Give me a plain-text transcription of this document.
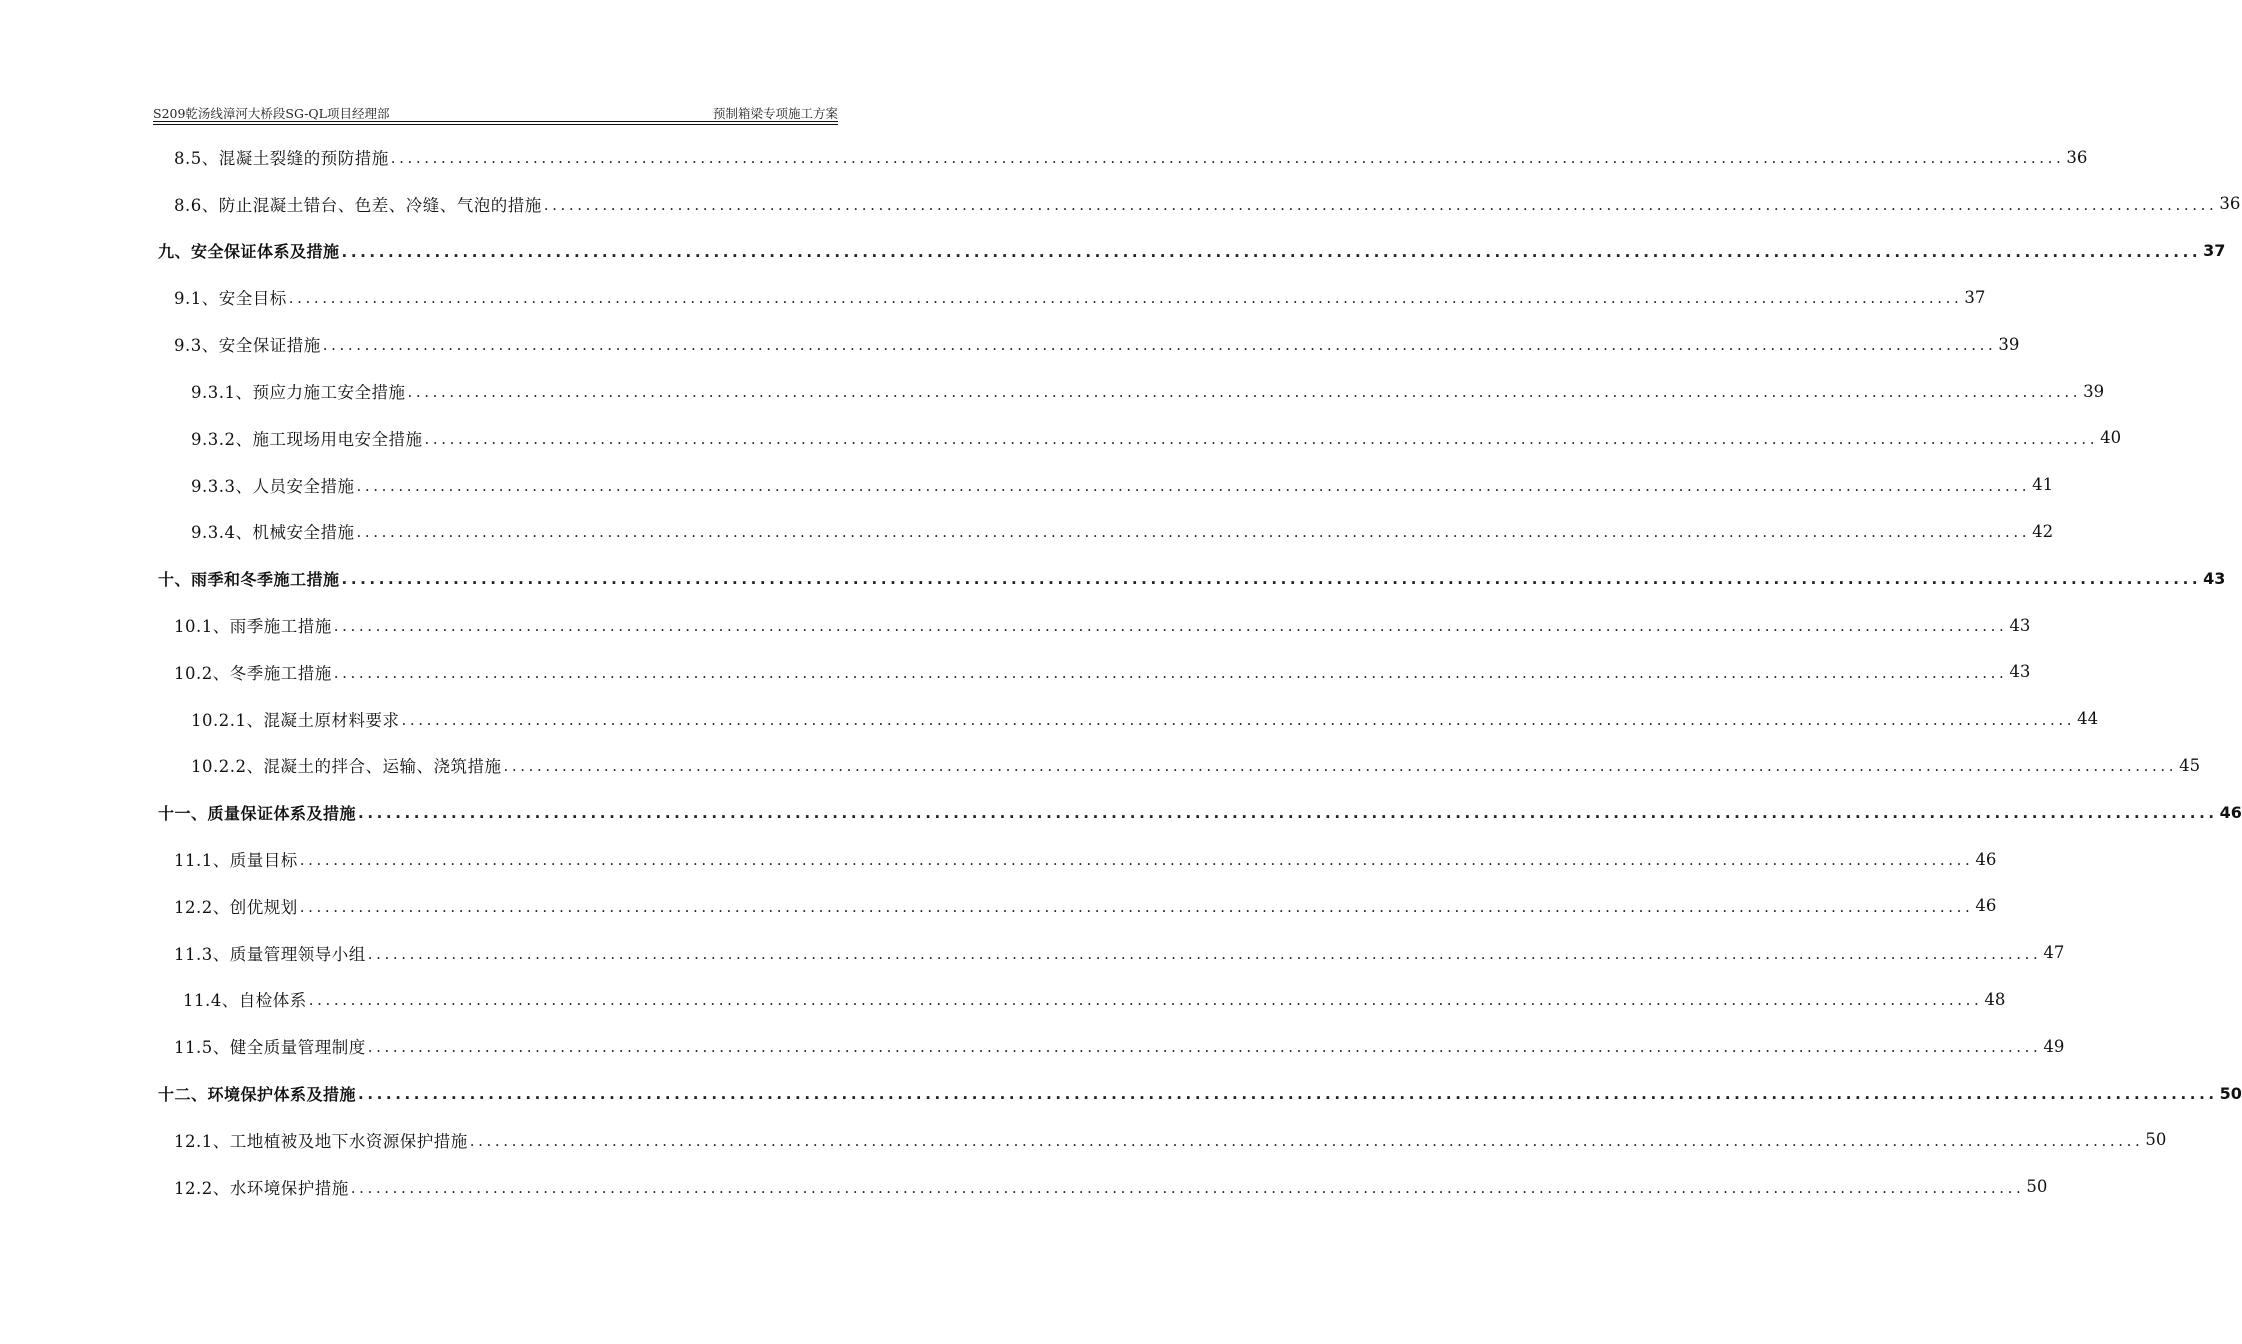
S209乾汤线漳河大桥段SG-QL项目经理部	预制箱梁专项施工方案
8.5、混凝土裂缝的预防措施 ........................................................................................................................................................................................................ 36
8.6、防止混凝土错台、色差、冷缝、气泡的措施 ........................................................................................................................................................................................................ 36
九、安全保证体系及措施 ........................................................................................................................................................................................................ 37
9.1、安全目标 ........................................................................................................................................................................................................ 37
9.3、安全保证措施 ........................................................................................................................................................................................................ 39
9.3.1、预应力施工安全措施 ........................................................................................................................................................................................................ 39
9.3.2、施工现场用电安全措施 ........................................................................................................................................................................................................ 40
9.3.3、人员安全措施 ........................................................................................................................................................................................................ 41
9.3.4、机械安全措施 ........................................................................................................................................................................................................ 42
十、雨季和冬季施工措施 ........................................................................................................................................................................................................ 43
10.1、雨季施工措施 ........................................................................................................................................................................................................ 43
10.2、冬季施工措施 ........................................................................................................................................................................................................ 43
10.2.1、混凝土原材料要求 ........................................................................................................................................................................................................ 44
10.2.2、混凝土的拌合、运输、浇筑措施 ........................................................................................................................................................................................................ 45
十一、质量保证体系及措施 ........................................................................................................................................................................................................ 46
11.1、质量目标 ........................................................................................................................................................................................................ 46
12.2、创优规划 ........................................................................................................................................................................................................ 46
11.3、质量管理领导小组 ........................................................................................................................................................................................................ 47
11.4、自检体系 ........................................................................................................................................................................................................ 48
11.5、健全质量管理制度 ........................................................................................................................................................................................................ 49
十二、环境保护体系及措施 ........................................................................................................................................................................................................ 50
12.1、工地植被及地下水资源保护措施 ........................................................................................................................................................................................................ 50
12.2、水环境保护措施 ........................................................................................................................................................................................................ 50
